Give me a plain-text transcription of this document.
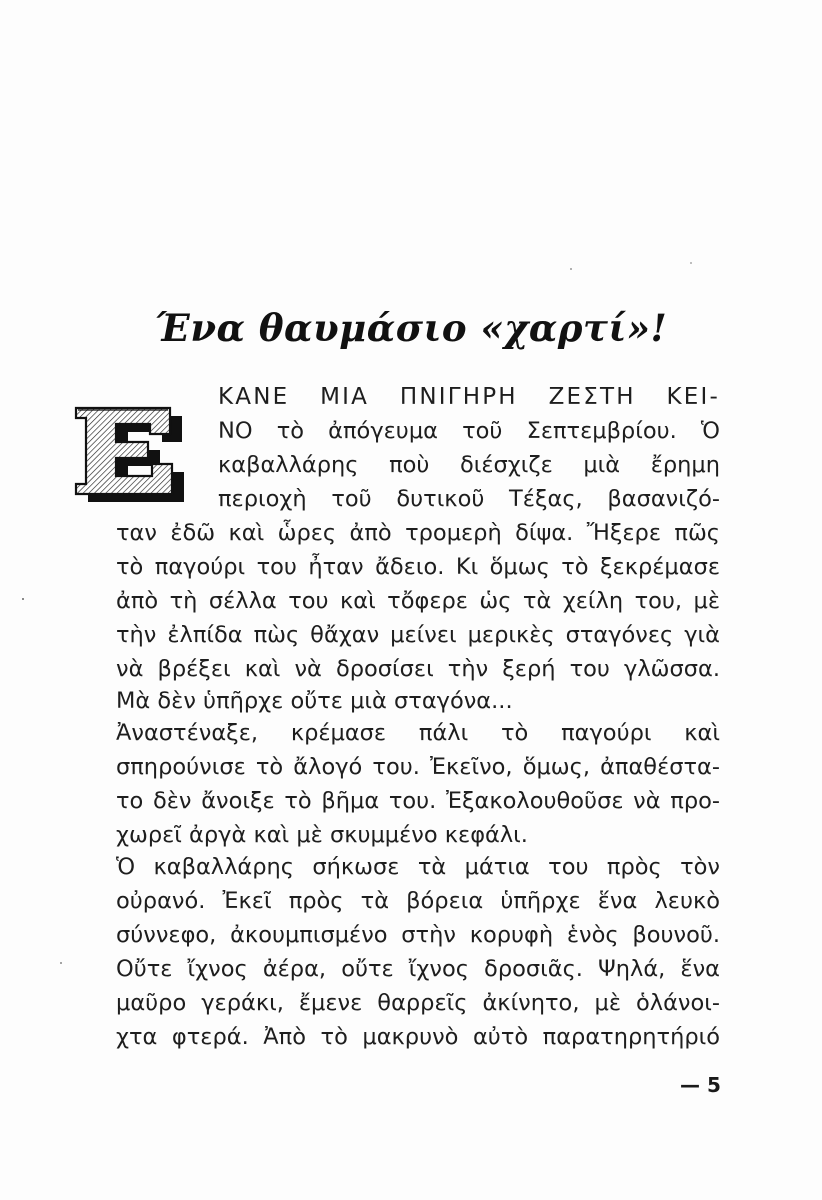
Ένα θαυμάσιο «χαρτί»!
ΚΑΝΕ ΜΙΑ ΠΝΙΓΗΡΗ ΖΕΣΤΗ ΚΕΙ-
ΝΟ τὸ ἀπόγευμα τοῦ Σεπτεμβρίου. Ὁ
καβαλλάρης ποὺ διέσχιζε μιὰ ἔρημη
περιοχὴ τοῦ δυτικοῦ Τέξας, βασανιζό-
ταν ἐδῶ καὶ ὧρες ἀπὸ τρομερὴ δίψα. Ἤξερε πῶς
τὸ παγούρι του ἦταν ἄδειο. Κι ὅμως τὸ ξεκρέμασε
ἀπὸ τὴ σέλλα του καὶ τὄφερε ὡς τὰ χείλη του, μὲ
τὴν ἐλπίδα πὼς θἄχαν μείνει μερικὲς σταγόνες γιὰ
νὰ βρέξει καὶ νὰ δροσίσει τὴν ξερή του γλῶσσα.
Μὰ δὲν ὑπῆρχε οὔτε μιὰ σταγόνα...
Ἀναστέναξε, κρέμασε πάλι τὸ παγούρι καὶ
σπηρούνισε τὸ ἄλογό του. Ἐκεῖνο, ὅμως, ἀπαθέστα-
το δὲν ἄνοιξε τὸ βῆμα του. Ἐξακολουθοῦσε νὰ προ-
χωρεῖ ἀργὰ καὶ μὲ σκυμμένο κεφάλι.
Ὁ καβαλλάρης σήκωσε τὰ μάτια του πρὸς τὸν
οὐρανό. Ἐκεῖ πρὸς τὰ βόρεια ὑπῆρχε ἕνα λευκὸ
σύννεφο, ἀκουμπισμένο στὴν κορυφὴ ἑνὸς βουνοῦ.
Οὔτε ἴχνος ἀέρα, οὔτε ἴχνος δροσιᾶς. Ψηλά, ἕνα
μαῦρο γεράκι, ἔμενε θαρρεῖς ἀκίνητο, μὲ ὁλάνοι-
χτα φτερά. Ἀπὸ τὸ μακρυνὸ αὐτὸ παρατηρητήριό
— 5
